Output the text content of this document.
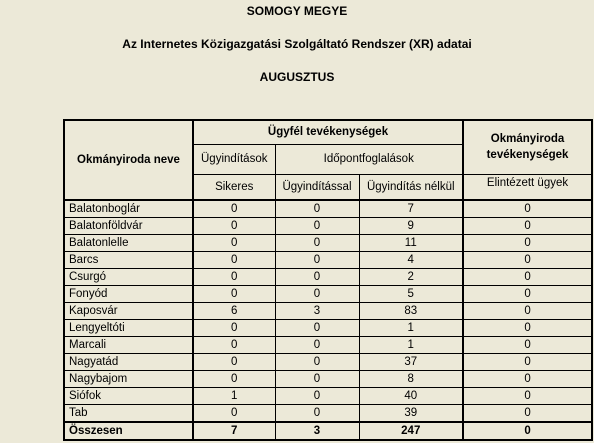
SOMOGY MEGYE
Az Internetes Közigazgatási Szolgáltató Rendszer (XR) adatai
AUGUSZTUS
Okmányiroda neve	Ügyfél tevékenységek			Okmányiroda tevékenységek
	Ügyindítások	Időpontfoglalások		
	Sikeres	Ügyindítással	Ügyindítás nélkül	Elintézett ügyek
Balatonboglár	0	0	7	0
Balatonföldvár	0	0	9	0
Balatonlelle	0	0	11	0
Barcs	0	0	4	0
Csurgó	0	0	2	0
Fonyód	0	0	5	0
Kaposvár	6	3	83	0
Lengyeltóti	0	0	1	0
Marcali	0	0	1	0
Nagyatád	0	0	37	0
Nagybajom	0	0	8	0
Siófok	1	0	40	0
Tab	0	0	39	0
Összesen	7	3	247	0
